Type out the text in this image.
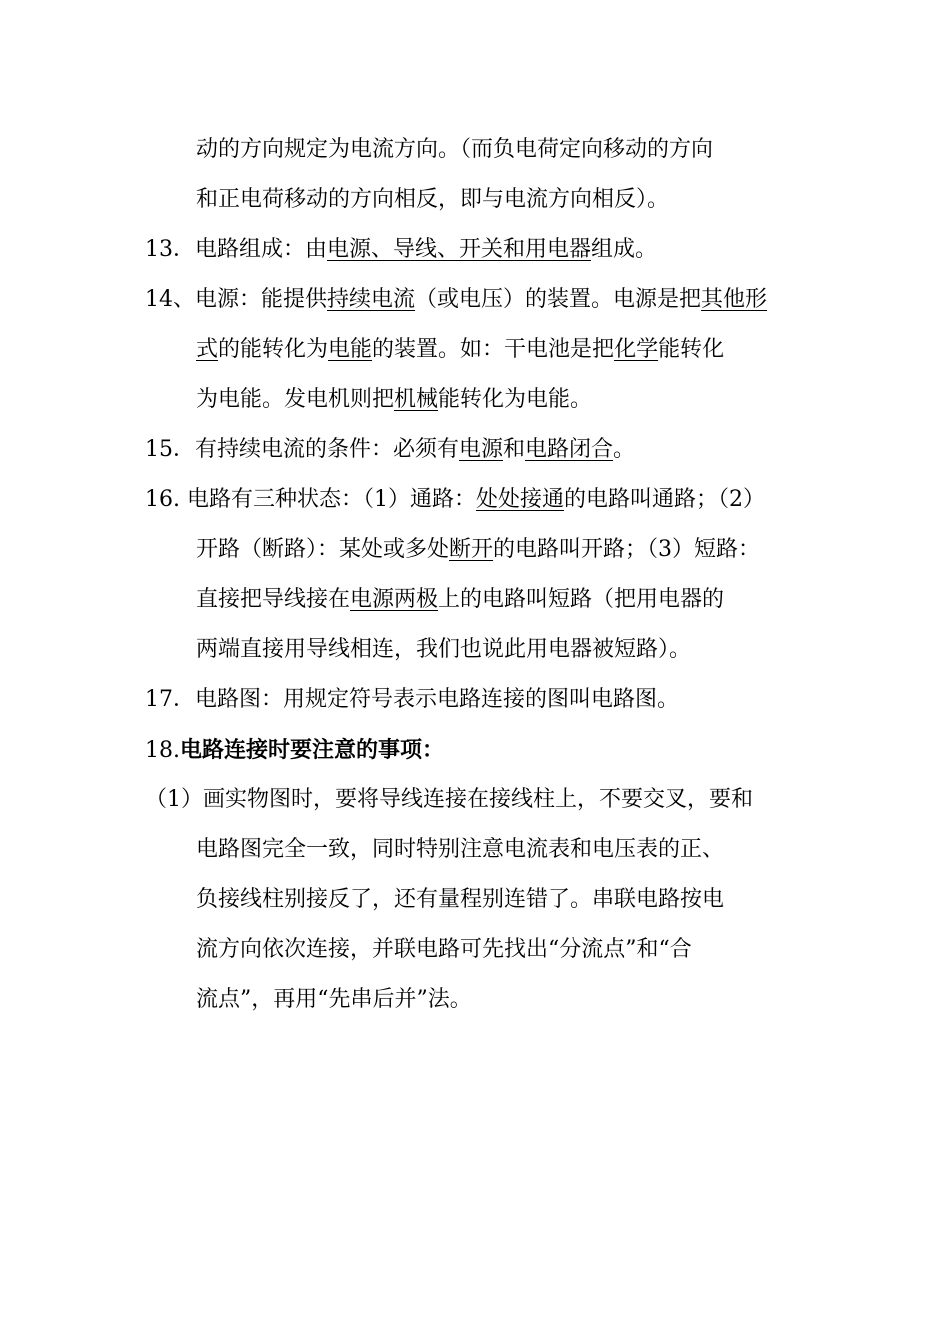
动的方向规定为电流方向。（而负电荷定向移动的方向
和正电荷移动的方向相反，即与电流方向相反）。
13．电路组成：由电源、导线、开关和用电器组成。
14、电源：能提供持续电流（或电压）的装置。电源是把其他形
式的能转化为电能的装置。如：干电池是把化学能转化
为电能。发电机则把机械能转化为电能。
15．有持续电流的条件：必须有电源和电路闭合。
16. 电路有三种状态：（1）通路：处处接通的电路叫通路；（2）
开路（断路）：某处或多处断开的电路叫开路；（3）短路：
直接把导线接在电源两极上的电路叫短路（把用电器的
两端直接用导线相连，我们也说此用电器被短路）。
17．电路图：用规定符号表示电路连接的图叫电路图。
18.电路连接时要注意的事项：
（1）画实物图时，要将导线连接在接线柱上，不要交叉，要和
电路图完全一致，同时特别注意电流表和电压表的正、
负接线柱别接反了，还有量程别连错了。串联电路按电
流方向依次连接，并联电路可先找出“分流点”和“合
流点”，再用“先串后并”法。
